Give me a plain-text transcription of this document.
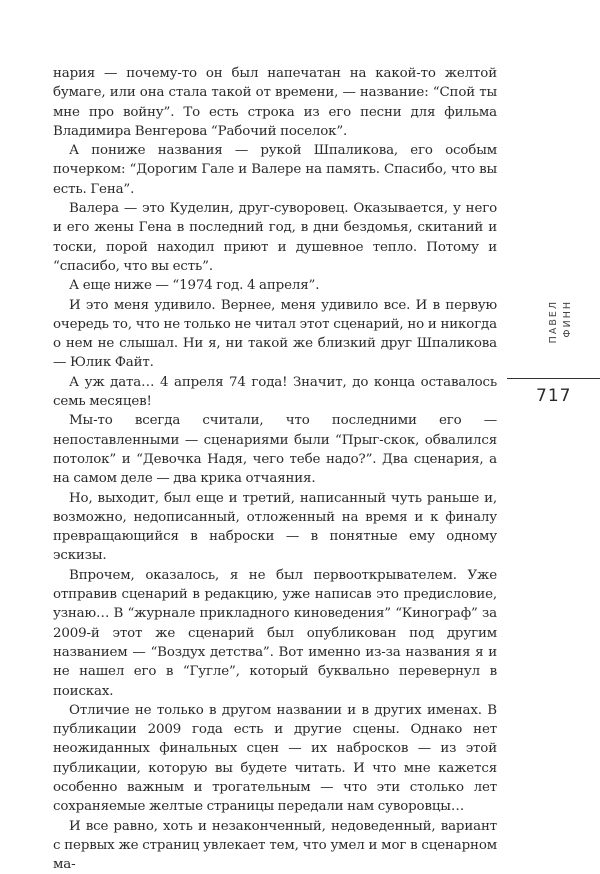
нария — почему-то он был напечатан на какой-то желтой бумаге, или она стала такой от времени, — название: “Спой ты мне про войну”. То есть строка из его песни для фильма Владимира Венгерова “Рабочий поселок”.

А пониже названия — рукой Шпаликова, его особым почерком: “Дорогим Гале и Валере на память. Спасибо, что вы есть. Гена”.

Валера — это Куделин, друг-суворовец. Оказывается, у него и его жены Гена в последний год, в дни бездомья, скитаний и тоски, порой находил приют и душевное тепло. Потому и “спасибо, что вы есть”.

А еще ниже — “1974 год. 4 апреля”.

И это меня удивило. Вернее, меня удивило все. И в первую очередь то, что не только не читал этот сценарий, но и никогда о нем не слышал. Ни я, ни такой же близкий друг Шпаликова — Юлик Файт.

А уж дата… 4 апреля 74 года! Значит, до конца оставалось семь месяцев!

Мы-то всегда считали, что последними его — непоставленными — сценариями были “Прыг-скок, обвалился потолок” и “Девочка Надя, чего тебе надо?”. Два сценария, а на самом деле — два крика отчаяния.

Но, выходит, был еще и третий, написанный чуть раньше и, возможно, недописанный, отложенный на время и к финалу превращающийся в наброски — в понятные ему одному эскизы.

Впрочем, оказалось, я не был первооткрывателем. Уже отправив сценарий в редакцию, уже написав это предисловие, узнаю… В “журнале прикладного киноведения” “Кинограф” за 2009-й этот же сценарий был опубликован под другим названием — “Воздух детства”. Вот именно из-за названия я и не нашел его в “Гугле”, который буквально перевернул в поисках.

Отличие не только в другом названии и в других именах. В публикации 2009 года есть и другие сцены. Однако нет неожиданных финальных сцен — их набросков — из этой публикации, которую вы будете читать. И что мне кажется особенно важным и трогательным — что эти столько лет сохраняемые желтые страницы передали нам суворовцы…

И все равно, хоть и незаконченный, недоведенный, вариант с первых же страниц увлекает тем, что умел и мог в сценарном ма-

ПАВЕЛ ФИНН
717
